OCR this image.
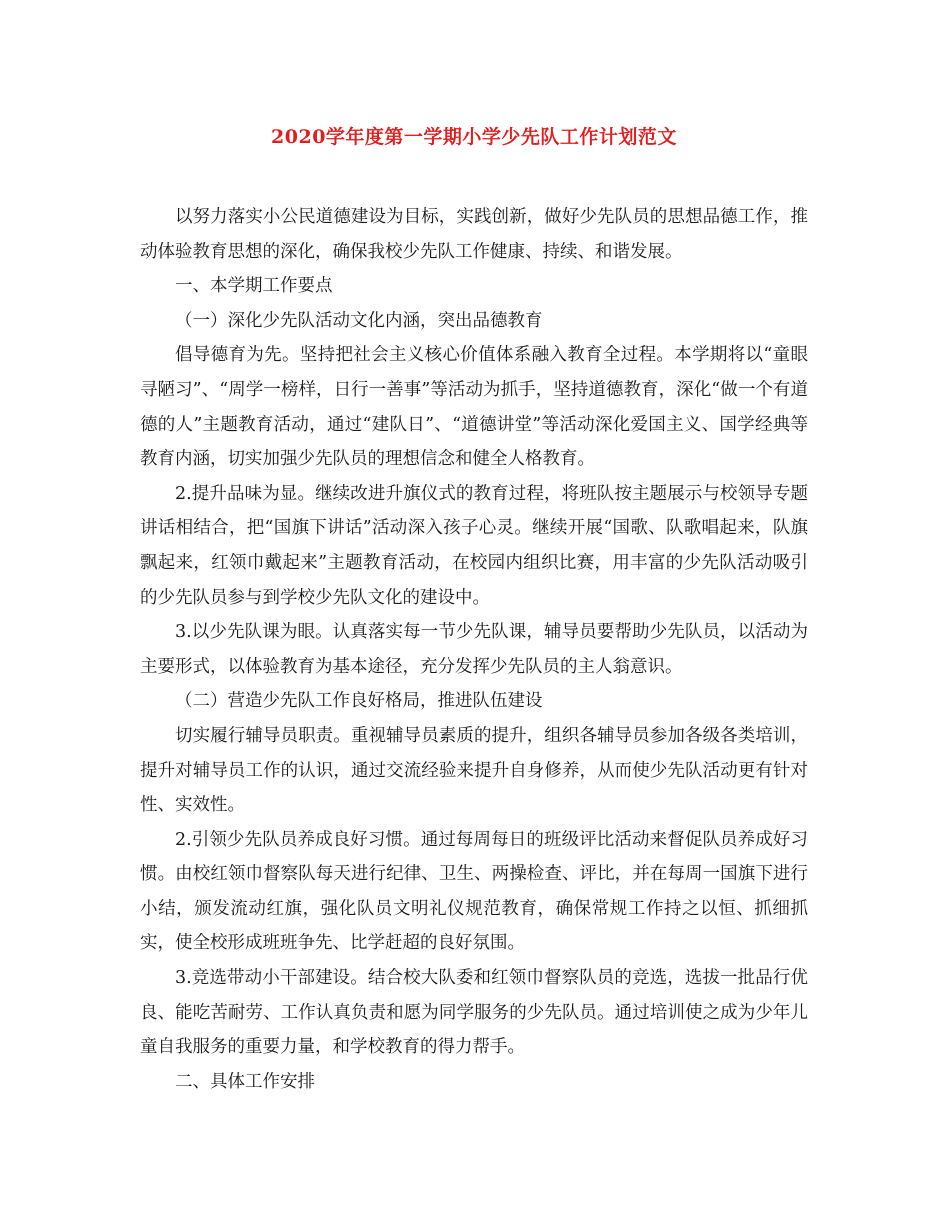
2020学年度第一学期小学少先队工作计划范文

以努力落实小公民道德建设为目标，实践创新，做好少先队员的思想品德工作，推动体验教育思想的深化，确保我校少先队工作健康、持续、和谐发展。

一、本学期工作要点

（一）深化少先队活动文化内涵，突出品德教育

倡导德育为先。坚持把社会主义核心价值体系融入教育全过程。本学期将以“童眼寻陋习”、“周学一榜样，日行一善事”等活动为抓手，坚持道德教育，深化“做一个有道德的人”主题教育活动，通过“建队日”、“道德讲堂”等活动深化爱国主义、国学经典等教育内涵，切实加强少先队员的理想信念和健全人格教育。

2.提升品味为显。继续改进升旗仪式的教育过程，将班队按主题展示与校领导专题讲话相结合，把“国旗下讲话”活动深入孩子心灵。继续开展“国歌、队歌唱起来，队旗飘起来，红领巾戴起来”主题教育活动，在校园内组织比赛，用丰富的少先队活动吸引的少先队员参与到学校少先队文化的建设中。

3.以少先队课为眼。认真落实每一节少先队课，辅导员要帮助少先队员，以活动为主要形式，以体验教育为基本途径，充分发挥少先队员的主人翁意识。

（二）营造少先队工作良好格局，推进队伍建设

切实履行辅导员职责。重视辅导员素质的提升，组织各辅导员参加各级各类培训，提升对辅导员工作的认识，通过交流经验来提升自身修养，从而使少先队活动更有针对性、实效性。

2.引领少先队员养成良好习惯。通过每周每日的班级评比活动来督促队员养成好习惯。由校红领巾督察队每天进行纪律、卫生、两操检查、评比，并在每周一国旗下进行小结，颁发流动红旗，强化队员文明礼仪规范教育，确保常规工作持之以恒、抓细抓实，使全校形成班班争先、比学赶超的良好氛围。

3.竞选带动小干部建设。结合校大队委和红领巾督察队员的竞选，选拔一批品行优良、能吃苦耐劳、工作认真负责和愿为同学服务的少先队员。通过培训使之成为少年儿童自我服务的重要力量，和学校教育的得力帮手。

二、具体工作安排
